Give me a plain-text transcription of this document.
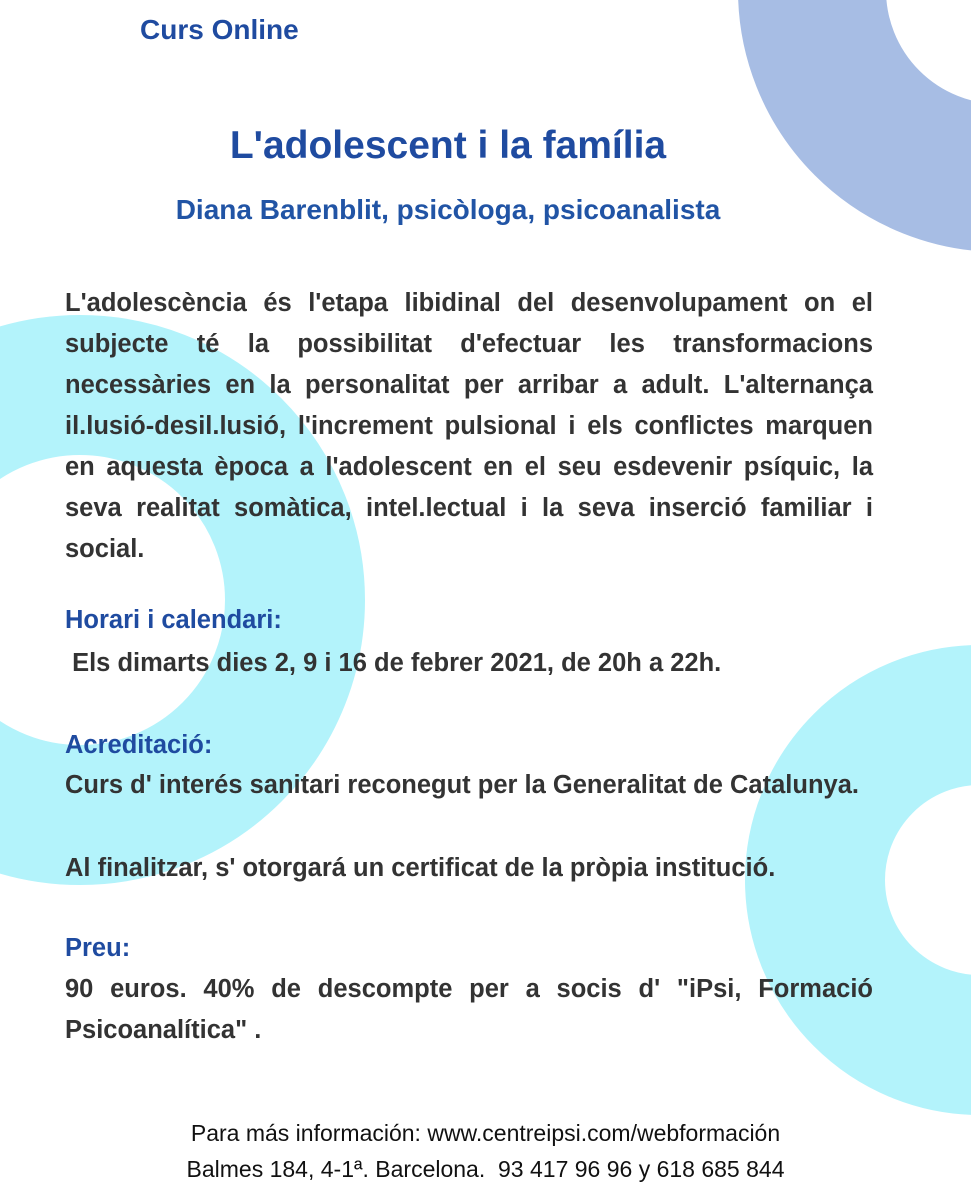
Curs Online
L'adolescent i la família
Diana Barenblit, psicòloga, psicoanalista

L'adolescència és l'etapa libidinal del desenvolupament on el subjecte té la possibilitat d'efectuar les transformacions necessàries en la personalitat per arribar a adult. L'alternança il.lusió-desil.lusió, l'increment pulsional i els conflictes marquen en aquesta època a l'adolescent en el seu esdevenir psíquic, la seva realitat somàtica, intel.lectual i la seva inserció familiar i social.

Horari i calendari:

Els dimarts dies 2, 9 i 16 de febrer 2021, de 20h a 22h.

Acreditació:

Curs d' interés sanitari reconegut per la Generalitat de Catalunya.

Al finalitzar, s' otorgará un certificat de la pròpia institució.

Preu:

90 euros. 40% de descompte per a socis d' "iPsi, Formació Psicoanalítica" .

Para más información: www.centreipsi.com/webformación

Balmes 184, 4-1ª. Barcelona.  93 417 96 96 y 618 685 844
